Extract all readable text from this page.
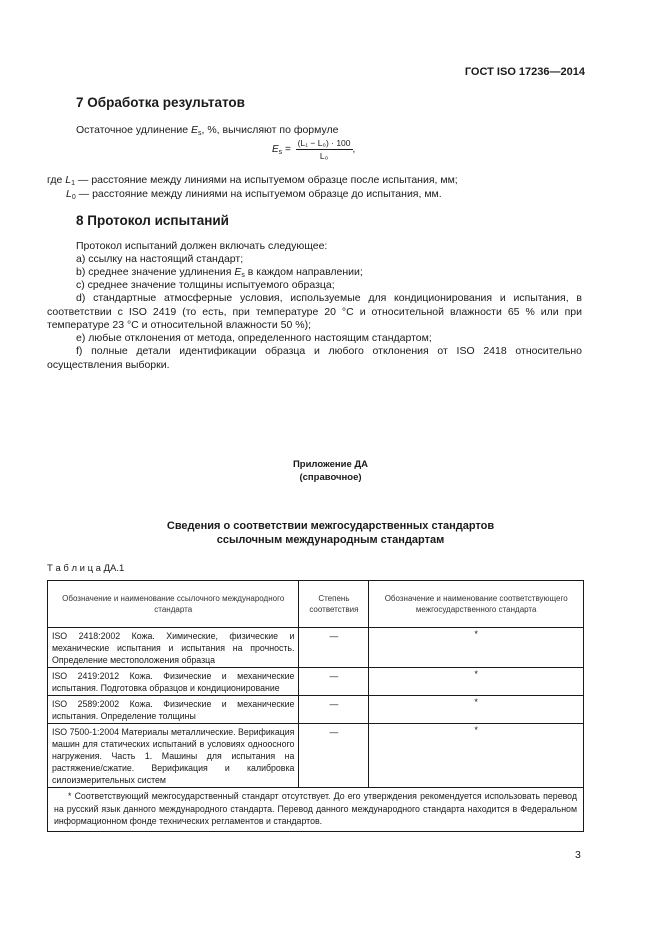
ГОСТ ISO 17236—2014
7 Обработка результатов
Остаточное удлинение $E_s$, %, вычисляют по формуле
$E_s = \frac{\text{(L₁ − L₀) · 100}}{\text{L₀}}$ ,
где $L_1$ — расстояние между линиями на испытуемом образце после испытания, мм;
$L_0$ — расстояние между линиями на испытуемом образце до испытания, мм.
8 Протокол испытаний
Протокол испытаний должен включать следующее:
a) ссылку на настоящий стандарт;
b) среднее значение удлинения $E_s$ в каждом направлении;
c) среднее значение толщины испытуемого образца;
d) стандартные атмосферные условия, используемые для кондиционирования и испытания, в соответствии с ISO 2419 (то есть, при температуре 20 °С и относительной влажности 65 % или при температуре 23 °С и относительной влажности 50 %);
e) любые отклонения от метода, определенного настоящим стандартом;
f) полные детали идентификации образца и любого отклонения от ISO 2418 относительно осуществления выборки.
Приложение ДА
(справочное)
Сведения о соответствии межгосударственных стандартов
ссылочным международным стандартам
Т а б л и ц а ДА.1
Обозначение и наименование ссылочного международного стандарта	Степень соответствия	Обозначение и наименование соответствующего межгосударственного стандарта
ISO 2418:2002 Кожа. Химические, физические и механические испытания и испытания на прочность. Определение местоположения образца	—	*
ISO 2419:2012 Кожа. Физические и механические испытания. Подготовка образцов и кондиционирование	—	*
ISO 2589:2002 Кожа. Физические и механические испытания. Определение толщины	—	*
ISO 7500-1:2004 Материалы металлические. Верификация машин для статических испытаний в условиях одноосного нагружения. Часть 1. Машины для испытания на растяжение/сжатие. Верификация и калибровка силоизмерительных систем	—	*
* Соответствующий межгосударственный стандарт отсутствует. До его утверждения рекомендуется использовать перевод на русский язык данного международного стандарта. Перевод данного международного стандарта находится в Федеральном информационном фонде технических регламентов и стандартов.		
3
